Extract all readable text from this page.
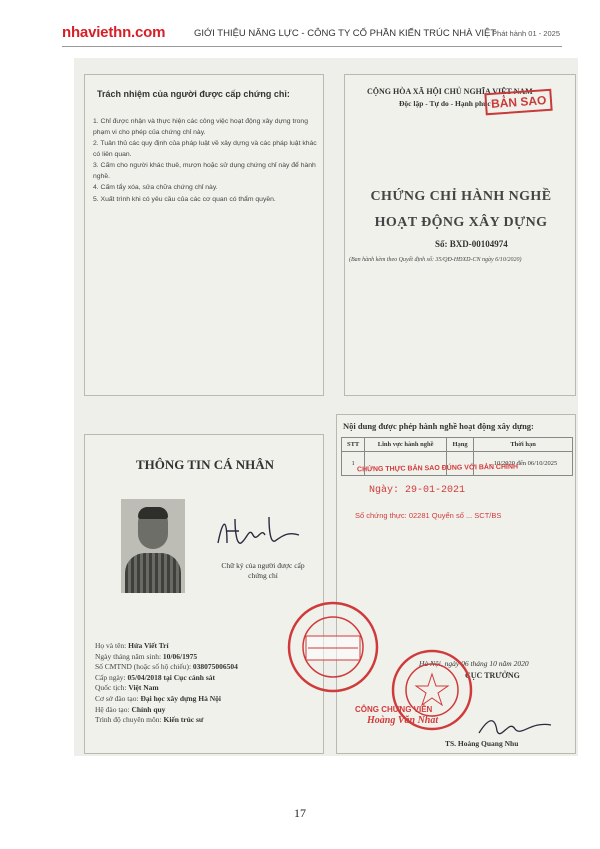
nhaviethn.com	GIỚI THIỆU NĂNG LỰC - CÔNG TY CỔ PHẦN KIẾN TRÚC NHÀ VIỆT
Phát hành 01 - 2025
Trách nhiệm của người được cấp chứng chỉ:
1. Chỉ được nhận và thực hiện các công việc hoạt động xây dựng trong phạm vi cho phép của chứng chỉ này.
2. Tuân thủ các quy định của pháp luật về xây dựng và các pháp luật khác có liên quan.
3. Cấm cho người khác thuê, mượn hoặc sử dụng chứng chỉ này để hành nghề.
4. Cấm tẩy xóa, sửa chữa chứng chỉ này.
5. Xuất trình khi có yêu cầu của các cơ quan có thẩm quyền.
CỘNG HÒA XÃ HỘI CHỦ NGHĨA VIỆT NAM
Độc lập - Tự do - Hạnh phúc BẢN SAO
CHỨNG CHỈ HÀNH NGHỀ
HOẠT ĐỘNG XÂY DỰNG
Số: BXD-00104974
(Ban hành kèm theo Quyết định số: 35/QĐ-HĐXD-CN ngày 6/10/2020)
THÔNG TIN CÁ NHÂN
Chữ ký của người được cấp chứng chỉ
Họ và tên: Hứa Viết Trí
Ngày tháng năm sinh: 10/06/1975
Số CMTND (hoặc số hộ chiếu): 038075006504
Cấp ngày: 05/04/2018 tại Cục cảnh sát
Quốc tịch: Việt Nam
Cơ sở đào tạo: Đại học xây dựng Hà Nội
Hệ đào tạo: Chính quy
Trình độ chuyên môn: Kiến trúc sư
Nội dung được phép hành nghề hoạt động xây dựng:
STT	Lĩnh vực hành nghề	Hạng	Thời hạn
1			...10/2020 đến 06/10/2025
CHỨNG THỰC BẢN SAO ĐÚNG VỚI BẢN CHÍNH
Ngày: 29-01-2021
Số chứng thực: 02281 Quyển số ... SCT/BS
Hà Nội, ngày 06 tháng 10 năm 2020
CỤC TRƯỞNG
CÔNG CHỨNG VIÊN
Hoàng Văn Nhất
TS. Hoàng Quang Nhu
17
